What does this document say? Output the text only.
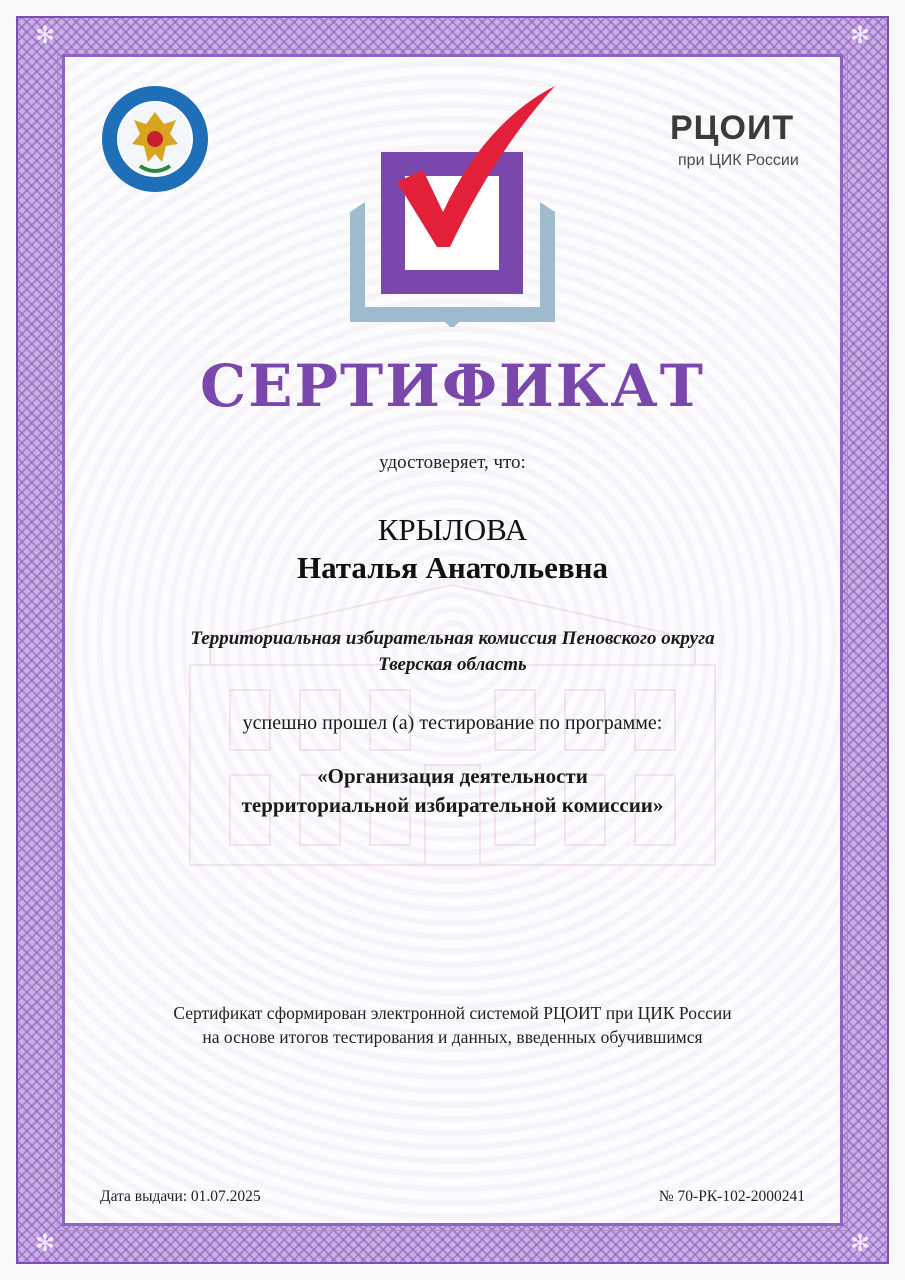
✻	✻
✻	✻
РЦОИТ
при ЦИК России
СЕРТИФИКАТ
удостоверяет, что:
КРЫЛОВА
Наталья Анатольевна
Территориальная избирательная комиссия Пеновского округа
Тверская область
успешно прошел (а) тестирование по программе:
«Организация деятельности
территориальной избирательной комиссии»
Сертификат сформирован электронной системой РЦОИТ при ЦИК России
на основе итогов тестирования и данных, введенных обучившимся
Дата выдачи: 01.07.2025	№ 70-РК-102-2000241
